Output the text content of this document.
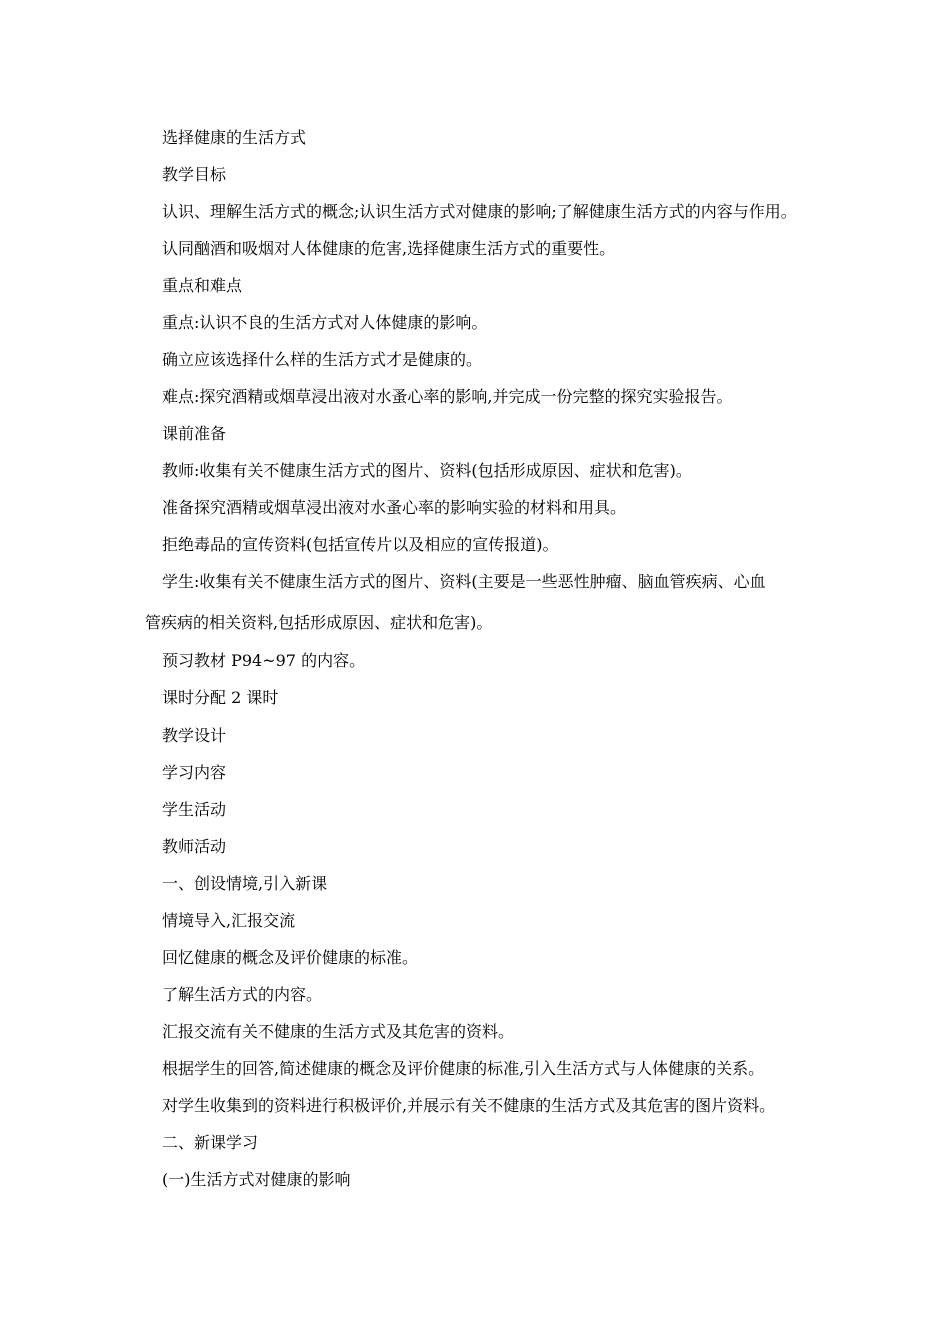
选择健康的生活方式
教学目标
认识、理解生活方式的概念;认识生活方式对健康的影响;了解健康生活方式的内容与作用。
认同酗酒和吸烟对人体健康的危害,选择健康生活方式的重要性。
重点和难点
重点:认识不良的生活方式对人体健康的影响。
确立应该选择什么样的生活方式才是健康的。
难点:探究酒精或烟草浸出液对水蚤心率的影响,并完成一份完整的探究实验报告。
课前准备
教师:收集有关不健康生活方式的图片、资料(包括形成原因、症状和危害)。
准备探究酒精或烟草浸出液对水蚤心率的影响实验的材料和用具。
拒绝毒品的宣传资料(包括宣传片以及相应的宣传报道)。
学生:收集有关不健康生活方式的图片、资料(主要是一些恶性肿瘤、脑血管疾病、心血
管疾病的相关资料,包括形成原因、症状和危害)。
预习教材 P94~97 的内容。
课时分配 2 课时
教学设计
学习内容
学生活动
教师活动
一、创设情境,引入新课
情境导入,汇报交流
回忆健康的概念及评价健康的标准。
了解生活方式的内容。
汇报交流有关不健康的生活方式及其危害的资料。
根据学生的回答,简述健康的概念及评价健康的标准,引入生活方式与人体健康的关系。
对学生收集到的资料进行积极评价,并展示有关不健康的生活方式及其危害的图片资料。
二、新课学习
(一)生活方式对健康的影响
